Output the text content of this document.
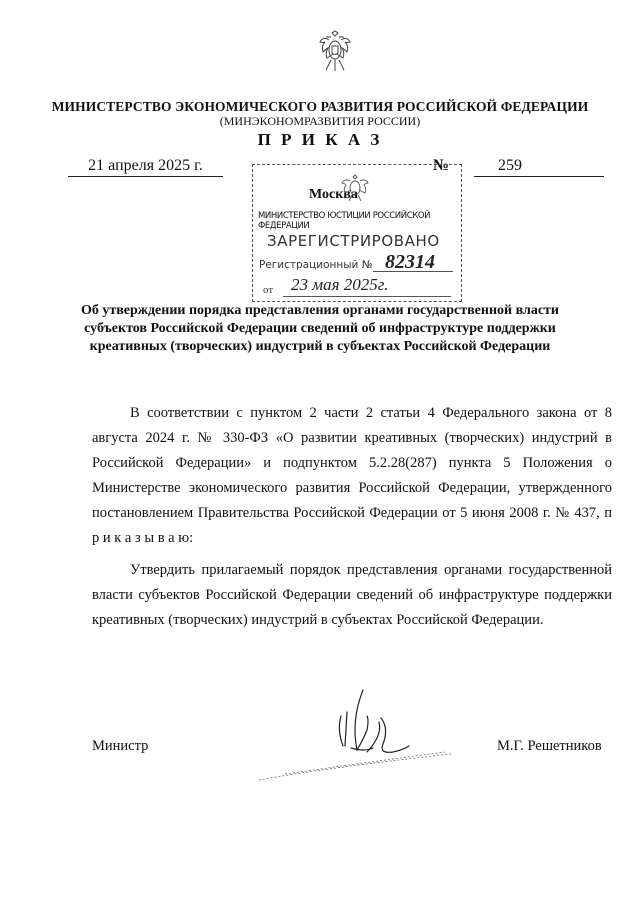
МИНИСТЕРСТВО ЭКОНОМИЧЕСКОГО РАЗВИТИЯ РОССИЙСКОЙ ФЕДЕРАЦИИ
(МИНЭКОНОМРАЗВИТИЯ РОССИИ)
П Р И К А З
21 апреля 2025 г.	№	259
Москва
МИНИСТЕРСТВО ЮСТИЦИИ РОССИЙСКОЙ ФЕДЕРАЦИИ
ЗАРЕГИСТРИРОВАНО
Регистрационный № 82314
от 23 мая 2025г.
Об утверждении порядка представления органами государственной власти субъектов Российской Федерации сведений об инфраструктуре поддержки креативных (творческих) индустрий в субъектах Российской Федерации
В соответствии с пунктом 2 части 2 статьи 4 Федерального закона от 8 августа 2024 г. № 330-ФЗ «О развитии креативных (творческих) индустрий в Российской Федерации» и подпунктом 5.2.28(287) пункта 5 Положения о Министерстве экономического развития Российской Федерации, утвержденного постановлением Правительства Российской Федерации от 5 июня 2008 г. № 437, п р и к а з ы в а ю:
Утвердить прилагаемый порядок представления органами государственной власти субъектов Российской Федерации сведений об инфраструктуре поддержки креативных (творческих) индустрий в субъектах Российской Федерации.
Министр	М.Г. Решетников
